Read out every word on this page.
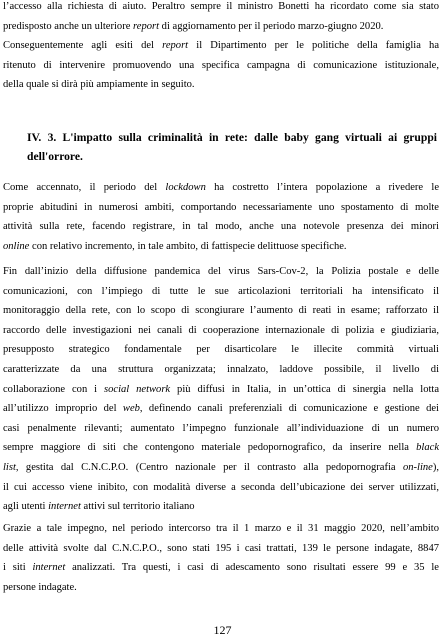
l’accesso alla richiesta di aiuto. Peraltro sempre il ministro Bonetti ha ricordato come sia stato
predisposto anche un ulteriore report di aggiornamento per il periodo marzo-giugno 2020.
Conseguentemente agli esiti del report il Dipartimento per le politiche della famiglia ha
ritenuto di intervenire promuovendo una specifica campagna di comunicazione istituzionale,
della quale si dirà più ampiamente in seguito.
IV. 3. L'impatto sulla criminalità in rete: dalle baby gang virtuali ai gruppi
dell'orrore.
Come accennato, il periodo del lockdown ha costretto l’intera popolazione a rivedere le
proprie abitudini in numerosi ambiti, comportando necessariamente uno spostamento di molte
attività sulla rete, facendo registrare, in tal modo, anche una notevole presenza dei minori
online con relativo incremento, in tale ambito, di fattispecie delittuose specifiche.
Fin dall’inizio della diffusione pandemica del virus Sars-Cov-2, la Polizia postale e delle
comunicazioni, con l’impiego di tutte le sue articolazioni territoriali ha intensificato il
monitoraggio della rete, con lo scopo di scongiurare l’aumento di reati in esame; rafforzato il
raccordo delle investigazioni nei canali di cooperazione internazionale di polizia e giudiziaria,
presupposto strategico fondamentale per disarticolare le illecite commità virtuali
caratterizzate da una struttura organizzata; innalzato, laddove possibile, il livello di
collaborazione con i social network più diffusi in Italia, in un’ottica di sinergia nella lotta
all’utilizzo improprio del web, definendo canali preferenziali di comunicazione e gestione dei
casi penalmente rilevanti; aumentato l’impegno funzionale all’individuazione di un numero
sempre maggiore di siti che contengono materiale pedopornografico, da inserire nella black
list, gestita dal C.N.C.P.O. (Centro nazionale per il contrasto alla pedopornografia on-line),
il cui accesso viene inibito, con modalità diverse a seconda dell’ubicazione dei server utilizzati,
agli utenti internet attivi sul territorio italiano
Grazie a tale impegno, nel periodo intercorso tra il 1 marzo e il 31 maggio 2020, nell’ambito
delle attività svolte dal C.N.C.P.O., sono stati 195 i casi trattati, 139 le persone indagate, 8847
i siti internet analizzati. Tra questi, i casi di adescamento sono risultati essere 99 e 35 le
persone indagate.
127
